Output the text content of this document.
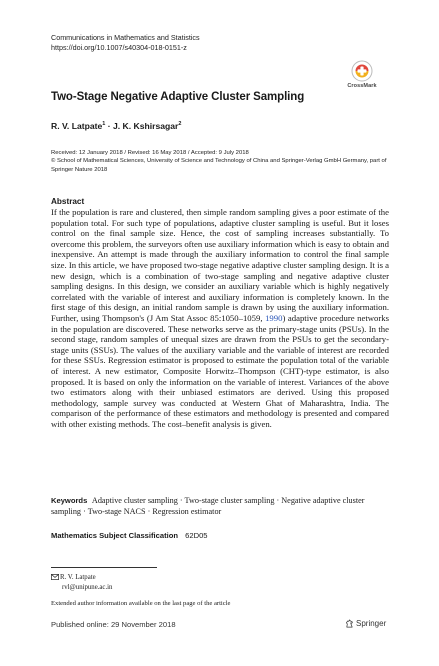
Communications in Mathematics and Statistics
https://doi.org/10.1007/s40304-018-0151-z
CrossMark
Two-Stage Negative Adaptive Cluster Sampling
R. V. Latpate$^1$ · J. K. Kshirsagar$^2$
Received: 12 January 2018 / Revised: 16 May 2018 / Accepted: 9 July 2018
© School of Mathematical Sciences, University of Science and Technology of China and Springer-Verlag GmbH Germany, part of Springer Nature 2018
Abstract
If the population is rare and clustered, then simple random sampling gives a poor estimate of the population total. For such type of populations, adaptive cluster sampling is useful. But it loses control on the final sample size. Hence, the cost of sampling increases substantially. To overcome this problem, the surveyors often use auxiliary information which is easy to obtain and inexpensive. An attempt is made through the auxiliary information to control the final sample size. In this article, we have proposed two-stage negative adaptive cluster sampling design. It is a new design, which is a combination of two-stage sampling and negative adaptive cluster sampling designs. In this design, we consider an auxiliary variable which is highly negatively correlated with the variable of interest and auxiliary information is completely known. In the first stage of this design, an initial random sample is drawn by using the auxiliary information. Further, using Thompson's (J Am Stat Assoc 85:1050–1059, 1990) adaptive procedure networks in the population are discovered. These networks serve as the primary-stage units (PSUs). In the second stage, random samples of unequal sizes are drawn from the PSUs to get the secondary-stage units (SSUs). The values of the auxiliary variable and the variable of interest are recorded for these SSUs. Regression estimator is proposed to estimate the population total of the variable of interest. A new estimator, Composite Horwitz–Thompson (CHT)-type estimator, is also proposed. It is based on only the information on the variable of interest. Variances of the above two estimators along with their unbiased estimators are derived. Using this proposed methodology, sample survey was conducted at Western Ghat of Maharashtra, India. The comparison of the performance of these estimators and methodology is presented and compared with other existing methods. The cost–benefit analysis is given.
Keywords Adaptive cluster sampling · Two-stage cluster sampling · Negative adaptive cluster sampling · Two-stage NACS · Regression estimator
Mathematics Subject Classification 62D05
R. V. Latpate
rvl@unipune.ac.in
Extended author information available on the last page of the article
Published online: 29 November 2018	Springer
